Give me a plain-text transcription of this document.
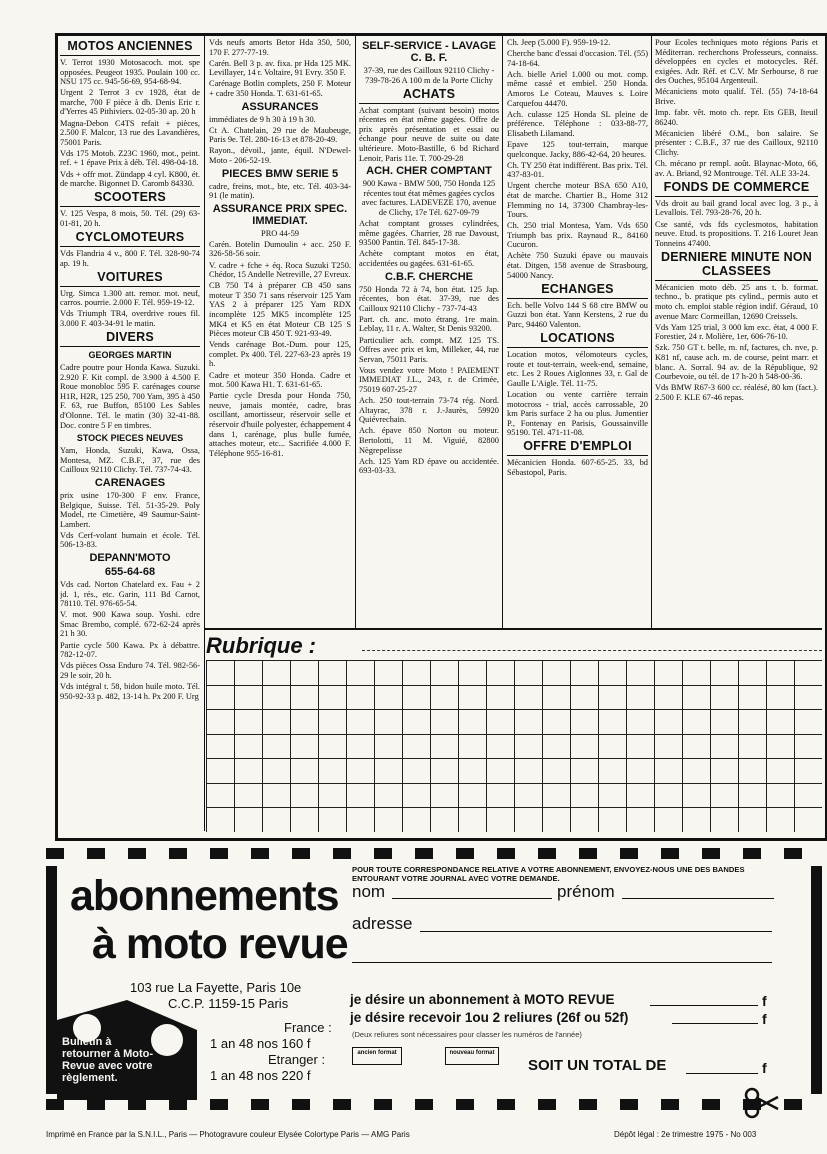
MOTOS ANCIENNES

V. Terrot 1930 Motosacoch. mot. spe opposées. Peugeot 1935. Poulain 100 cc. NSU 175 cc. 945-56-69, 954-68-94.

Urgent 2 Terrot 3 cv 1928, état de marche, 700 F pièce à db. Denis Eric r. d'Yerres 45 Pithiviers. 02-05-30 ap. 20 h

Magna-Debon C4TS refait + pièces, 2.500 F. Malcor, 13 rue des Lavandières, 75001 Paris.

Vds 175 Motob. Z23C 1960, mot., peint. ref. + 1 épave Prix à déb. Tél. 498-04-18.

Vds + offr mot. Zündapp 4 cyl. K800, ét. de marche. Bigonnet D. Caromb 84330.

SCOOTERS

V. 125 Vespa, 8 mois, 50. Tél. (29) 63-01-81, 20 h.

CYCLOMOTEURS

Vds Flandria 4 v., 800 F. Tél. 328-90-74 ap. 19 h.

VOITURES

Urg. Simca 1.300 att. remor. mot. neuf, carros. pourrie. 2.000 F. Tél. 959-19-12.

Vds Triumph TR4, overdrive roues fil. 3.000 F. 403-34-91 le matin.

DIVERS
GEORGES MARTIN

Cadre poutre pour Honda Kawa. Suzuki. 2.920 F. Kit compl. de 3.900 à 4.500 F. Roue monobloc 595 F. carénages course H1R, H2R, 125 250, 700 Yam, 395 à 450 F. 63, rue Buffon, 85100 Les Sables d'Olonne. Tél. le matin (30) 32-41-88. Doc. contre 5 F en timbres.

STOCK PIECES NEUVES

Yam, Honda, Suzuki, Kawa, Ossa, Montesa, MZ. C.B.F., 37, rue des Cailloux 92110 Clichy. Tél. 737-74-43.

CARENAGES

prix usine 170-300 F env. France, Belgique, Suisse. Tél. 51-35-29. Poly Model, rte Cimetière, 49 Saumur-Saint-Lambert.

Vds Cerf-volant humain et école. Tél. 506-13-83.

DEPANN'MOTO
655-64-68

Vds cad. Norton Chatelard ex. Fau + 2 jd. 1, rés., etc. Garin, 111 Bd Carnot, 78110. Tél. 976-65-54.

V. mot. 900 Kawa soup. Yoshi. cdre Smac Brembo, complé. 672-62-24 après 21 h 30.

Partie cycle 500 Kawa. Px à débattre. 782-12-07.

Vds pièces Ossa Enduro 74. Tél. 982-56-29 le soir, 20 h.

Vds intégral t. 58, bidon huile moto. Tél. 950-92-33 p. 482, 13-14 h. Px 200 F. Urg

Vds neufs amorts Betor Hda 350, 500, 170 F. 277-77-19.

Carén. Bell 3 p. av. fixa. pr Hda 125 MK. Levillayer, 14 r. Voltaire, 91 Evry. 350 F.

Carénage Botlin complets, 250 F. Moteur + cadre 350 Honda. T. 631-61-65.

ASSURANCES

immédiates de 9 h 30 à 19 h 30.

Ct A. Chatelain, 29 rue de Maubeuge, Paris 9e. Tél. 280-16-13 et 878-20-49.

Rayon., dévoil., jante, équil. N'Dewel-Moto - 206-52-19.

PIECES BMW SERIE 5

cadre, freins, mot., bte, etc. Tél. 403-34-91 (le matin).

ASSURANCE PRIX SPEC. IMMEDIAT.

PRO 44-59

Carén. Botelin Dumoulin + acc. 250 F. 326-58-56 soir.

V. cadre + fche + éq. Roca Suzuki T250. Chédor, 15 Andelle Netreville, 27 Evreux.

CB 750 T4 à préparer CB 450 sans moteur T 350 71 sans réservoir 125 Yam YAS 2 à préparer 125 Yam RDX incomplète 125 MK5 incomplète 125 MK4 et K5 en état Moteur CB 125 S Pièces moteur CB 450 T. 921-93-49.

Vends carénage Bot.-Dum. pour 125, complet. Px 400. Tél. 227-63-23 après 19 h.

Cadre et moteur 350 Honda. Cadre et mot. 500 Kawa H1. T. 631-61-65.

Partie cycle Dresda pour Honda 750, neuve, jamais montée, cadre, bras oscillant, amortisseur, réservoir selle et réservoir d'huile polyester, échappement 4 dans 1, carénage, plus bulle fumée, attaches moteur, etc... Sacrifiée 4.000 F. Téléphone 955-16-81.

SELF-SERVICE - LAVAGE C. B. F.

37-39, rue des Cailloux 92110 Clichy - 739-78-26 A 100 m de la Porte Clichy

ACHATS

Achat comptant (suivant besoin) motos récentes en état même gagées. Offre de prix après présentation et essai ou échange pour neuve de suite ou date ultérieure. Moto-Bastille, 6 bd Richard Lenoir, Paris 11e. T. 700-29-28

ACH. CHER COMPTANT

900 Kawa - BMW 500, 750 Honda 125 récentes tout état mêmes gagées cyclos avec factures. LADEVEZE 170, avenue de Clichy, 17e Tél. 627-09-79

Achat comptant grosses cylindrées, même gagées. Charrier, 28 rue Davoust, 93500 Pantin. Tél. 845-17-38.

Achète comptant motos en état, accidentées ou gagées. 631-61-65.

C.B.F. CHERCHE

750 Honda 72 à 74, bon état. 125 Jap. récentes, bon état. 37-39, rue des Cailloux 92110 Clichy - 737-74-43

Part. ch. anc. moto étrang. 1re main. Leblay, 11 r. A. Walter, St Denis 93200.

Particulier ach. compt. MZ 125 TS. Offres avec prix et km, Milleker, 44, rue Servan, 75011 Paris.

Vous vendez votre Moto ! PAIEMENT IMMEDIAT J.L., 243, r. de Crimée, 75019 607-25-27

Ach. 250 tout-terrain 73-74 rég. Nord. Altayrac, 378 r. J.-Jaurès, 59920 Quiévrechain.

Ach. épave 850 Norton ou moteur. Bertolotti, 11 M. Viguié, 82800 Nègrepelisse

Ach. 125 Yam RD épave ou accidentée. 693-03-33.

Ch. Jeep (5.000 F). 959-19-12.

Cherche banc d'essai d'occasion. Tél. (55) 74-18-64.

Ach. bielle Ariel 1.000 ou mot. comp. même cassé et embiel. 250 Honda. Amoros Le Coteau, Mauves s. Loire Carquefou 44470.

Ach. culasse 125 Honda SL pleine de préférence. Téléphone : 033-88-77, Elisabeth Lilamand.

Epave 125 tout-terrain, marque quelconque. Jacky, 886-42-64, 20 heures.

Ch. TY 250 état indifférent. Bas prix. Tél. 437-83-01.

Urgent cherche moteur BSA 650 A10, état de marche. Chartier B., Home 312 Flemming no 14, 37300 Chambray-les-Tours.

Ch. 250 trial Montesa, Yam. Vds 650 Triumph bas prix. Raynaud R., 84160 Cucuron.

Achète 750 Suzuki épave ou mauvais état. Ditgen, 158 avenue de Strasbourg, 54000 Nancy.

ECHANGES

Ech. belle Volvo 144 S 68 ctre BMW ou Guzzi bon état. Yann Kerstens, 2 rue du Parc, 94460 Valenton.

LOCATIONS

Location motos, vélomoteurs cycles, route et tout-terrain, week-end, semaine, etc. Les 2 Roues Aiglonnes 33, r. Gal de Gaulle L'Aigle. Tél. 11-75.

Location ou vente carrière terrain motocross - trial, accès carrossable, 20 km Paris surface 2 ha ou plus. Jumentier P., Fontenay en Parisis, Goussainville 95190. Tél. 471-11-08.

OFFRE D'EMPLOI

Mécanicien Honda. 607-65-25. 33, bd Sébastopol, Paris.

Pour Ecoles techniques moto régions Paris et Méditerran. recherchons Professeurs, connaiss. développées en cycles et motocycles. Réf. exigées. Adr. Réf. et C.V. Mr Serbourse, 8 rue des Ouches, 95104 Argenteuil.

Mécaniciens moto qualif. Tél. (55) 74-18-64 Brive.

Imp. fabr. vêt. moto ch. repr. Ets GEB, Iteuil 86240.

Mécanicien libéré O.M., bon salaire. Se présenter : C.B.F., 37 rue des Cailloux, 92110 Clichy.

Ch. mécano pr rempl. août. Blaynac-Moto, 66, av. A. Briand, 92 Montrouge. Tél. ALE 33-24.

FONDS DE COMMERCE

Vds droit au bail grand local avec log. 3 p., à Levallois. Tél. 793-28-76, 20 h.

Cse santé, vds fds cyclesmotos, habitation neuve. Etud. ts propositions. T. 216 Louret Jean Tonneins 47400.

DERNIERE MINUTE NON CLASSEES

Mécanicien moto déb. 25 ans t. b. format. techno., b. pratique pts cylind., permis auto et moto ch. emploi stable région indif. Géraud, 10 avenue Marc Cormeillan, 12690 Creissels.

Vds Yam 125 trial, 3 000 km exc. état, 4 000 F. Forestier, 24 r. Molière, 1er, 606-76-10.

Szk. 750 GT t. belle, m. nf, factures, ch. nve, p. K81 nf, cause ach. m. de course, peint marr. et blanc. A. Sorral. 94 av. de la République, 92 Courbevoie, ou tél. de 17 h-20 h 548-00-36.

Vds BMW R67-3 600 cc. réalésé, 80 km (fact.). 2.500 F. KLE 67-46 repas.

Rubrique :
abonnements
à moto revue
103 rue La Fayette, Paris 10e
C.C.P. 1159-15 Paris
France :
1 an 48 nos 160 f
Etranger :
1 an 48 nos 220 f
Bulletin à retourner à Moto-Revue avec votre règlement.
POUR TOUTE CORRESPONDANCE RELATIVE A VOTRE ABONNEMENT, ENVOYEZ-NOUS UNE DES BANDES ENTOURANT VOTRE JOURNAL AVEC VOTRE DEMANDE.
nom	prénom
adresse
je désire un abonnement à MOTO REVUE	f
je désire recevoir 1ou 2 reliures (26f ou 52f)	f
(Deux reliures sont nécessaires pour classer les numéros de l'année)
ancien format	nouveau format
SOIT UN TOTAL DE	f
Imprimé en France par la S.N.I.L., Paris — Photogravure couleur Elysée Colortype Paris — AMG Paris	Dépôt légal : 2e trimestre 1975 - No 003
